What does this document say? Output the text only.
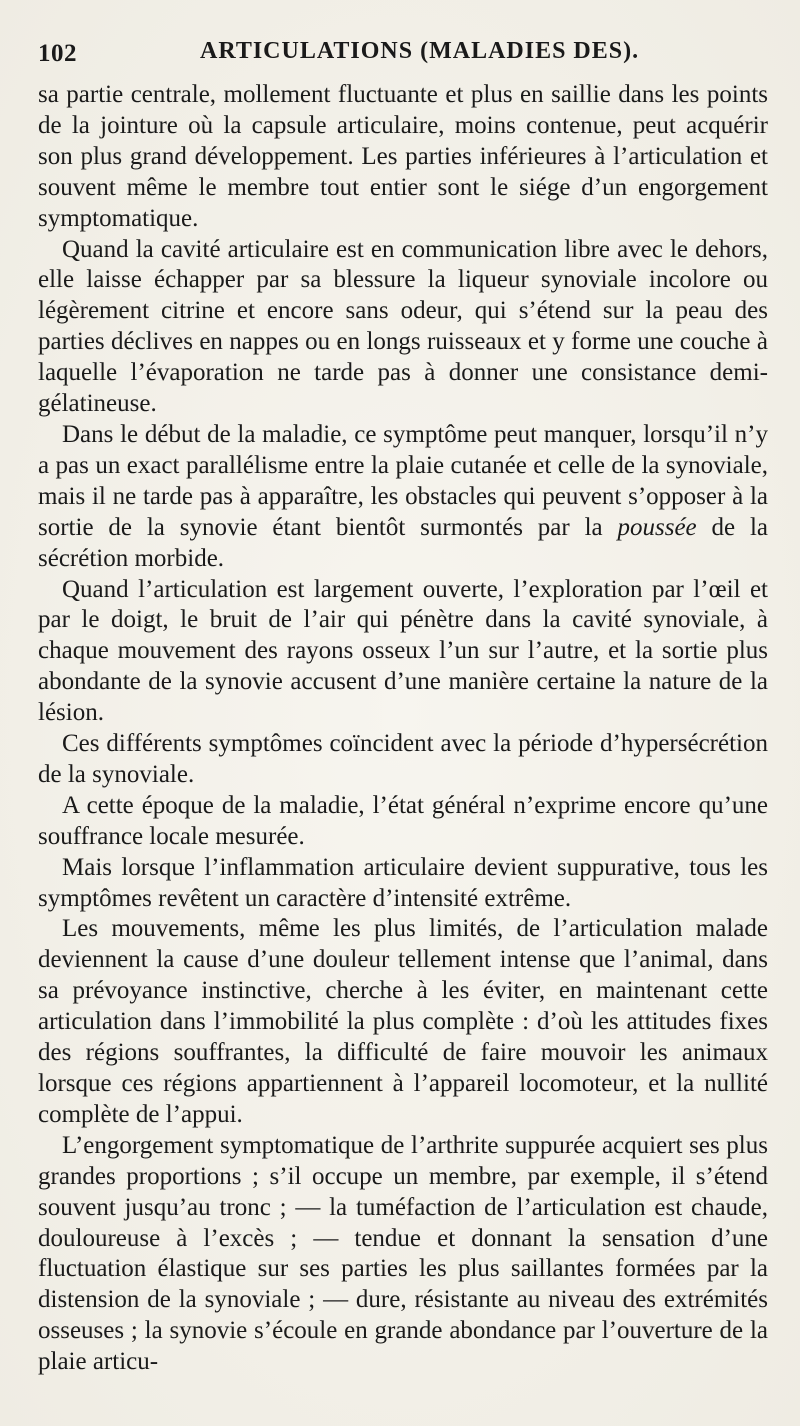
102	ARTICULATIONS (MALADIES DES).

sa partie centrale, mollement fluctuante et plus en saillie dans les points de la jointure où la capsule articulaire, moins contenue, peut acquérir son plus grand développement. Les parties inférieures à l’articulation et souvent même le membre tout entier sont le siége d’un engorgement symptomatique.

Quand la cavité articulaire est en communication libre avec le dehors, elle laisse échapper par sa blessure la liqueur synoviale incolore ou légèrement citrine et encore sans odeur, qui s’étend sur la peau des parties déclives en nappes ou en longs ruisseaux et y forme une couche à laquelle l’évaporation ne tarde pas à donner une consistance demi-gélatineuse.

Dans le début de la maladie, ce symptôme peut manquer, lorsqu’il n’y a pas un exact parallélisme entre la plaie cutanée et celle de la synoviale, mais il ne tarde pas à apparaître, les obstacles qui peuvent s’opposer à la sortie de la synovie étant bientôt surmontés par la poussée de la sécrétion morbide.

Quand l’articulation est largement ouverte, l’exploration par l’œil et par le doigt, le bruit de l’air qui pénètre dans la cavité synoviale, à chaque mouvement des rayons osseux l’un sur l’autre, et la sortie plus abondante de la synovie accusent d’une manière certaine la nature de la lésion.

Ces différents symptômes coïncident avec la période d’hypersécrétion de la synoviale.

A cette époque de la maladie, l’état général n’exprime encore qu’une souffrance locale mesurée.

Mais lorsque l’inflammation articulaire devient suppurative, tous les symptômes revêtent un caractère d’intensité extrême.

Les mouvements, même les plus limités, de l’articulation malade deviennent la cause d’une douleur tellement intense que l’animal, dans sa prévoyance instinctive, cherche à les éviter, en maintenant cette articulation dans l’immobilité la plus complète : d’où les attitudes fixes des régions souffrantes, la difficulté de faire mouvoir les animaux lorsque ces régions appartiennent à l’appareil locomoteur, et la nullité complète de l’appui.

L’engorgement symptomatique de l’arthrite suppurée acquiert ses plus grandes proportions ; s’il occupe un membre, par exemple, il s’étend souvent jusqu’au tronc ; — la tuméfaction de l’articulation est chaude, douloureuse à l’excès ; — tendue et donnant la sensation d’une fluctuation élastique sur ses parties les plus saillantes formées par la distension de la synoviale ; — dure, résistante au niveau des extrémités osseuses ; la synovie s’écoule en grande abondance par l’ouverture de la plaie articu-
